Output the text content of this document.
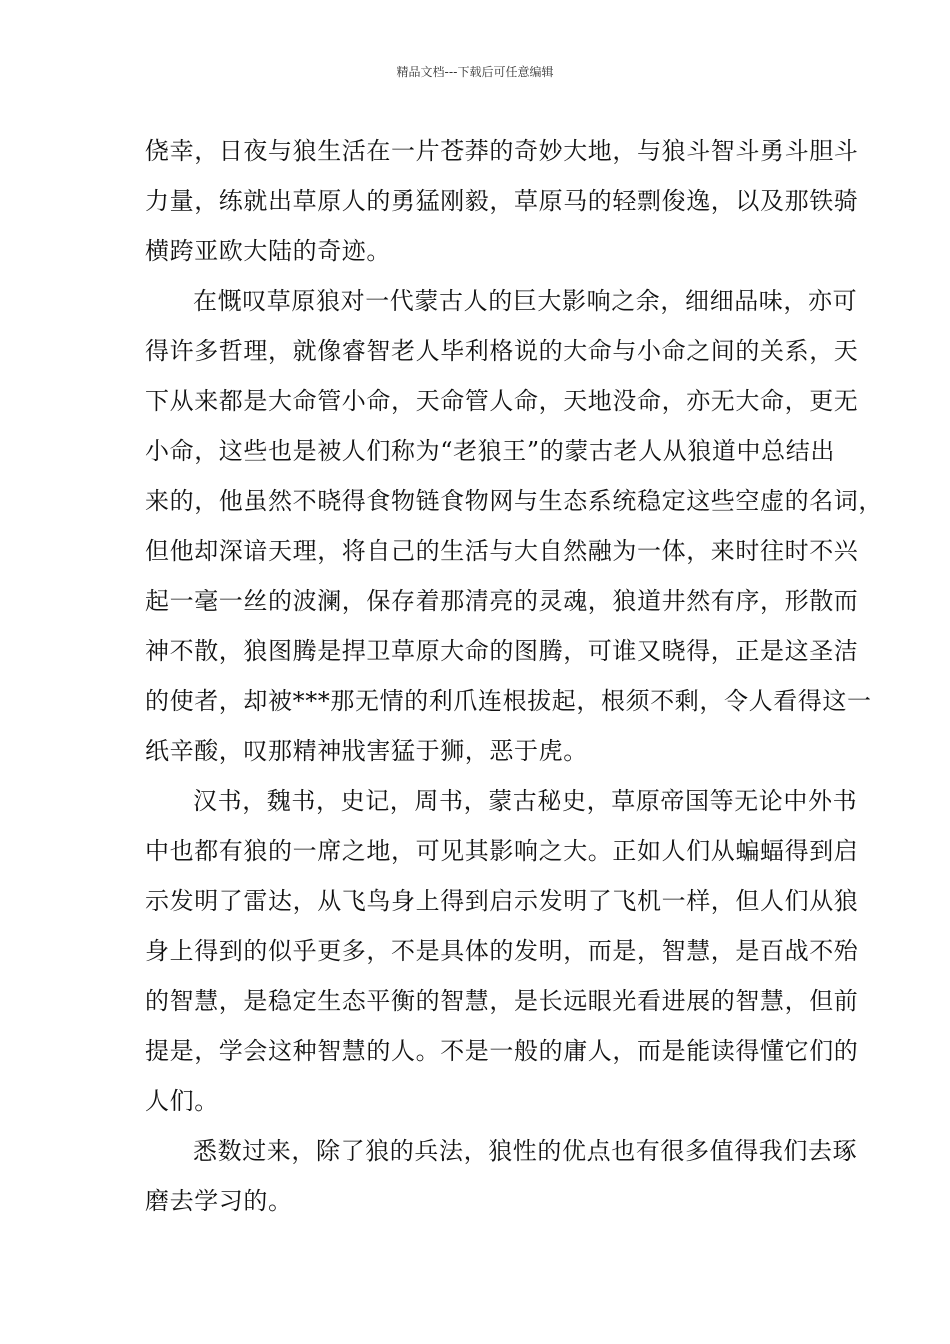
精品文档---下载后可任意编辑
侥幸，日夜与狼生活在一片苍莽的奇妙大地，与狼斗智斗勇斗胆斗
力量，练就出草原人的勇猛刚毅，草原马的轻剽俊逸，以及那铁骑
横跨亚欧大陆的奇迹。
在慨叹草原狼对一代蒙古人的巨大影响之余，细细品味，亦可
得许多哲理，就像睿智老人毕利格说的大命与小命之间的关系，天
下从来都是大命管小命，天命管人命，天地没命，亦无大命，更无
小命，这些也是被人们称为“老狼王”的蒙古老人从狼道中总结出
来的，他虽然不晓得食物链食物网与生态系统稳定这些空虚的名词，
但他却深谙天理，将自己的生活与大自然融为一体，来时往时不兴
起一毫一丝的波澜，保存着那清亮的灵魂，狼道井然有序，形散而
神不散，狼图腾是捍卫草原大命的图腾，可谁又晓得，正是这圣洁
的使者，却被***那无情的利爪连根拔起，根须不剩，令人看得这一
纸辛酸，叹那精神戕害猛于狮，恶于虎。
汉书，魏书，史记，周书，蒙古秘史，草原帝国等无论中外书
中也都有狼的一席之地，可见其影响之大。正如人们从蝙蝠得到启
示发明了雷达，从飞鸟身上得到启示发明了飞机一样，但人们从狼
身上得到的似乎更多，不是具体的发明，而是，智慧，是百战不殆
的智慧，是稳定生态平衡的智慧，是长远眼光看进展的智慧，但前
提是，学会这种智慧的人。不是一般的庸人，而是能读得懂它们的
人们。
悉数过来，除了狼的兵法，狼性的优点也有很多值得我们去琢
磨去学习的。
